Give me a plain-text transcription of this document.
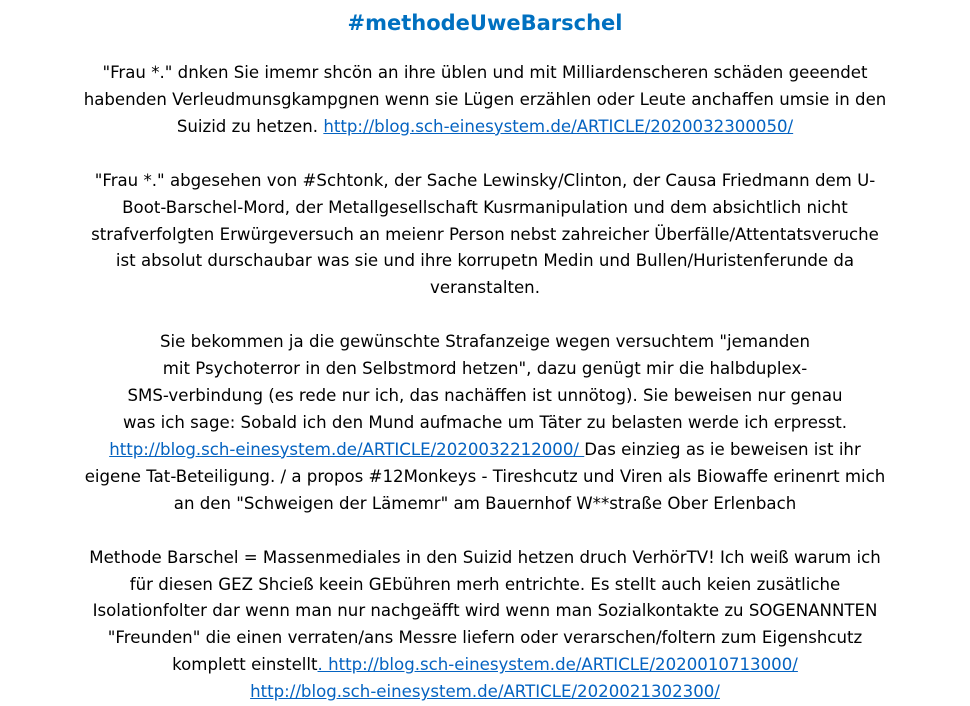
#methodeUweBarschel
"Frau *." dnken Sie imemr shcön an ihre üblen und mit Milliardenscheren schäden geeendet
habenden Verleudmunsgkampgnen wenn sie Lügen erzählen oder Leute anchaffen umsie in den
Suizid zu hetzen. http://blog.sch-einesystem.de/ARTICLE/2020032300050/
"Frau *." abgesehen von #Schtonk, der Sache Lewinsky/Clinton, der Causa Friedmann dem U-
Boot-Barschel-Mord, der Metallgesellschaft Kusrmanipulation und dem absichtlich nicht
strafverfolgten Erwürgeversuch an meienr Person nebst zahreicher Überfälle/Attentatsveruche
ist absolut durschaubar was sie und ihre korrupetn Medin und Bullen/Huristenferunde da
veranstalten.
Sie bekommen ja die gewünschte Strafanzeige wegen versuchtem "jemanden
mit Psychoterror in den Selbstmord hetzen", dazu genügt mir die halbduplex-
SMS-verbindung (es rede nur ich, das nachäffen ist unnötog). Sie beweisen nur genau
was ich sage: Sobald ich den Mund aufmache um Täter zu belasten werde ich erpresst.
http://blog.sch-einesystem.de/ARTICLE/2020032212000/ Das einzieg as ie beweisen ist ihr
eigene Tat-Beteiligung. / a propos #12Monkeys - Tireshcutz und Viren als Biowaffe erinenrt mich
an den "Schweigen der Lämemr" am Bauernhof W**straße Ober Erlenbach
Methode Barschel = Massenmediales in den Suizid hetzen druch VerhörTV! Ich weiß warum ich
für diesen GEZ Shcieß keein GEbühren merh entrichte. Es stellt auch keien zusätliche
Isolationfolter dar wenn man nur nachgeäfft wird wenn man Sozialkontakte zu SOGENANNTEN
"Freunden" die einen verraten/ans Messre liefern oder verarschen/foltern zum Eigenshcutz
komplett einstellt. http://blog.sch-einesystem.de/ARTICLE/2020010713000/
http://blog.sch-einesystem.de/ARTICLE/2020021302300/
